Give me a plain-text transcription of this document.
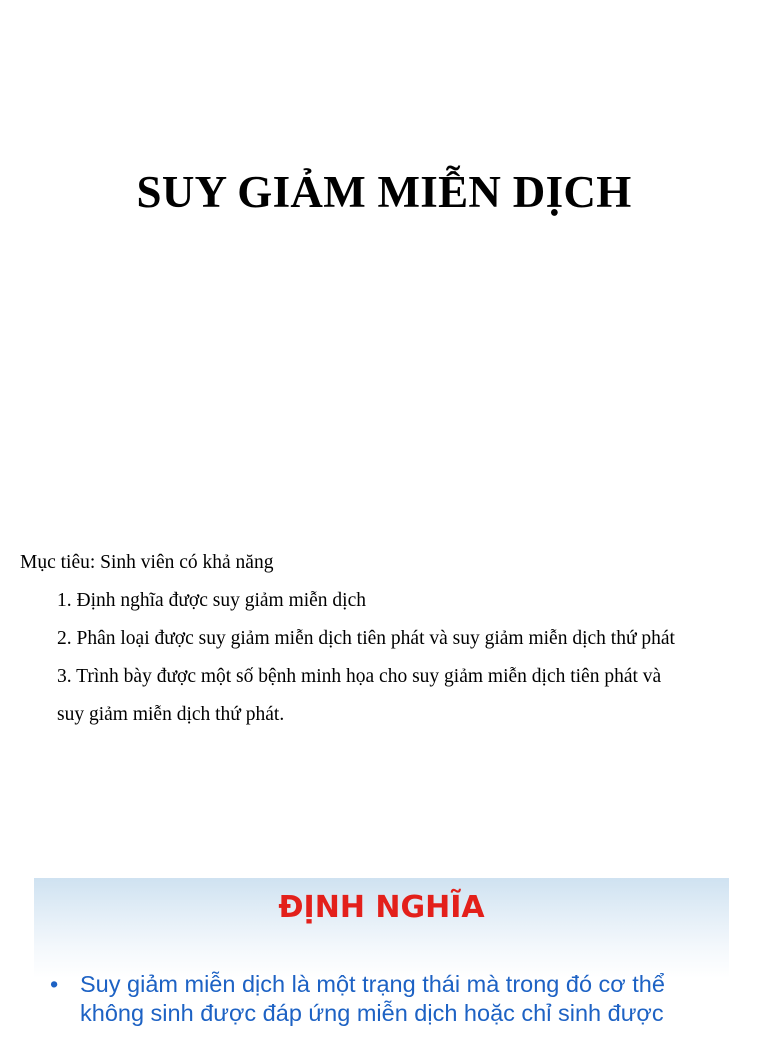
SUY GIẢM MIỄN DỊCH
Mục tiêu: Sinh viên có khả năng
1. Định nghĩa được suy giảm miễn dịch
2. Phân loại được suy giảm miễn dịch tiên phát và suy giảm miễn dịch thứ phát
3. Trình bày được một số bệnh minh họa cho suy giảm miễn dịch tiên phát và
suy giảm miễn dịch thứ phát.
ĐỊNH NGHĨA
• Suy giảm miễn dịch là một trạng thái mà trong đó cơ thể
không sinh được đáp ứng miễn dịch hoặc chỉ sinh được
